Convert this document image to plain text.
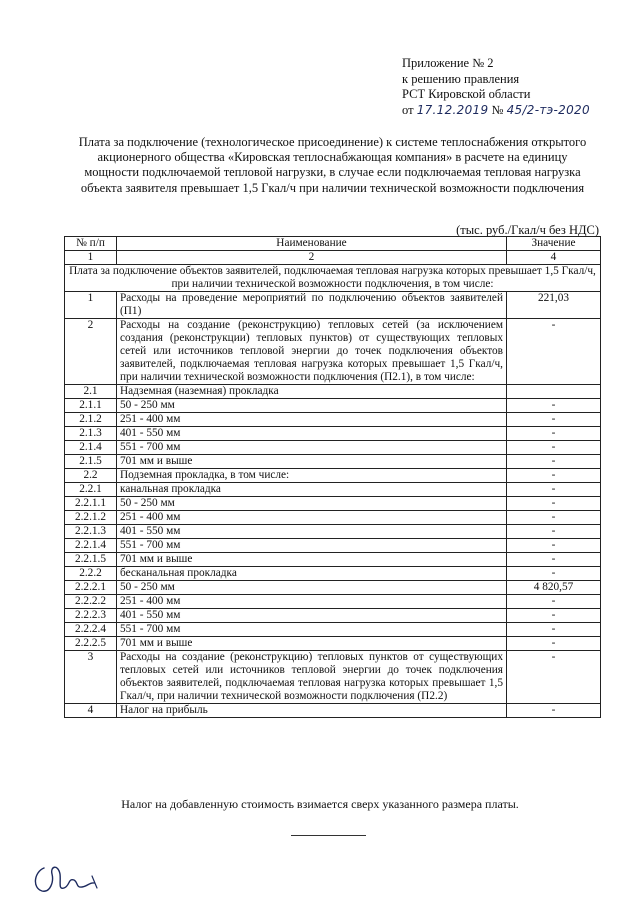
Приложение № 2
к решению правления
РСТ Кировской области
от 17.12.2019 № 45/2-тэ-2020
Плата за подключение (технологическое присоединение) к системе теплоснабжения открытого акционерного общества «Кировская теплоснабжающая компания» в расчете на единицу мощности подключаемой тепловой нагрузки, в случае если подключаемая тепловая нагрузка объекта заявителя превышает 1,5 Гкал/ч при наличии технической возможности подключения
(тыс. руб./Гкал/ч без НДС)
№ п/п	Наименование	Значение
1	2	4
Плата за подключение объектов заявителей, подключаемая тепловая нагрузка которых превышает 1,5 Гкал/ч, при наличии технической возможности подключения, в том числе:		
1	Расходы на проведение мероприятий по подключению объектов заявителей (П1)	221,03
2	Расходы на создание (реконструкцию) тепловых сетей (за исключением создания (реконструкции) тепловых пунктов) от существующих тепловых сетей или источников тепловой энергии до точек подключения объектов заявителей, подключаемая тепловая нагрузка которых превышает 1,5 Гкал/ч, при наличии технической возможности подключения (П2.1), в том числе:	-
2.1	Надземная (наземная) прокладка	
2.1.1	50 - 250 мм	-
2.1.2	251 - 400 мм	-
2.1.3	401 - 550 мм	-
2.1.4	551 - 700 мм	-
2.1.5	701 мм и выше	-
2.2	Подземная прокладка, в том числе:	-
2.2.1	канальная прокладка	-
2.2.1.1	50 - 250 мм	-
2.2.1.2	251 - 400 мм	-
2.2.1.3	401 - 550 мм	-
2.2.1.4	551 - 700 мм	-
2.2.1.5	701 мм и выше	-
2.2.2	бесканальная прокладка	-
2.2.2.1	50 - 250 мм	4 820,57
2.2.2.2	251 - 400 мм	-
2.2.2.3	401 - 550 мм	-
2.2.2.4	551 - 700 мм	-
2.2.2.5	701 мм и выше	-
3	Расходы на создание (реконструкцию) тепловых пунктов от существующих тепловых сетей или источников тепловой энергии до точек подключения объектов заявителей, подключаемая тепловая нагрузка которых превышает 1,5 Гкал/ч, при наличии технической возможности подключения (П2.2)	-
4	Налог на прибыль	-
Налог на добавленную стоимость взимается сверх указанного размера платы.
